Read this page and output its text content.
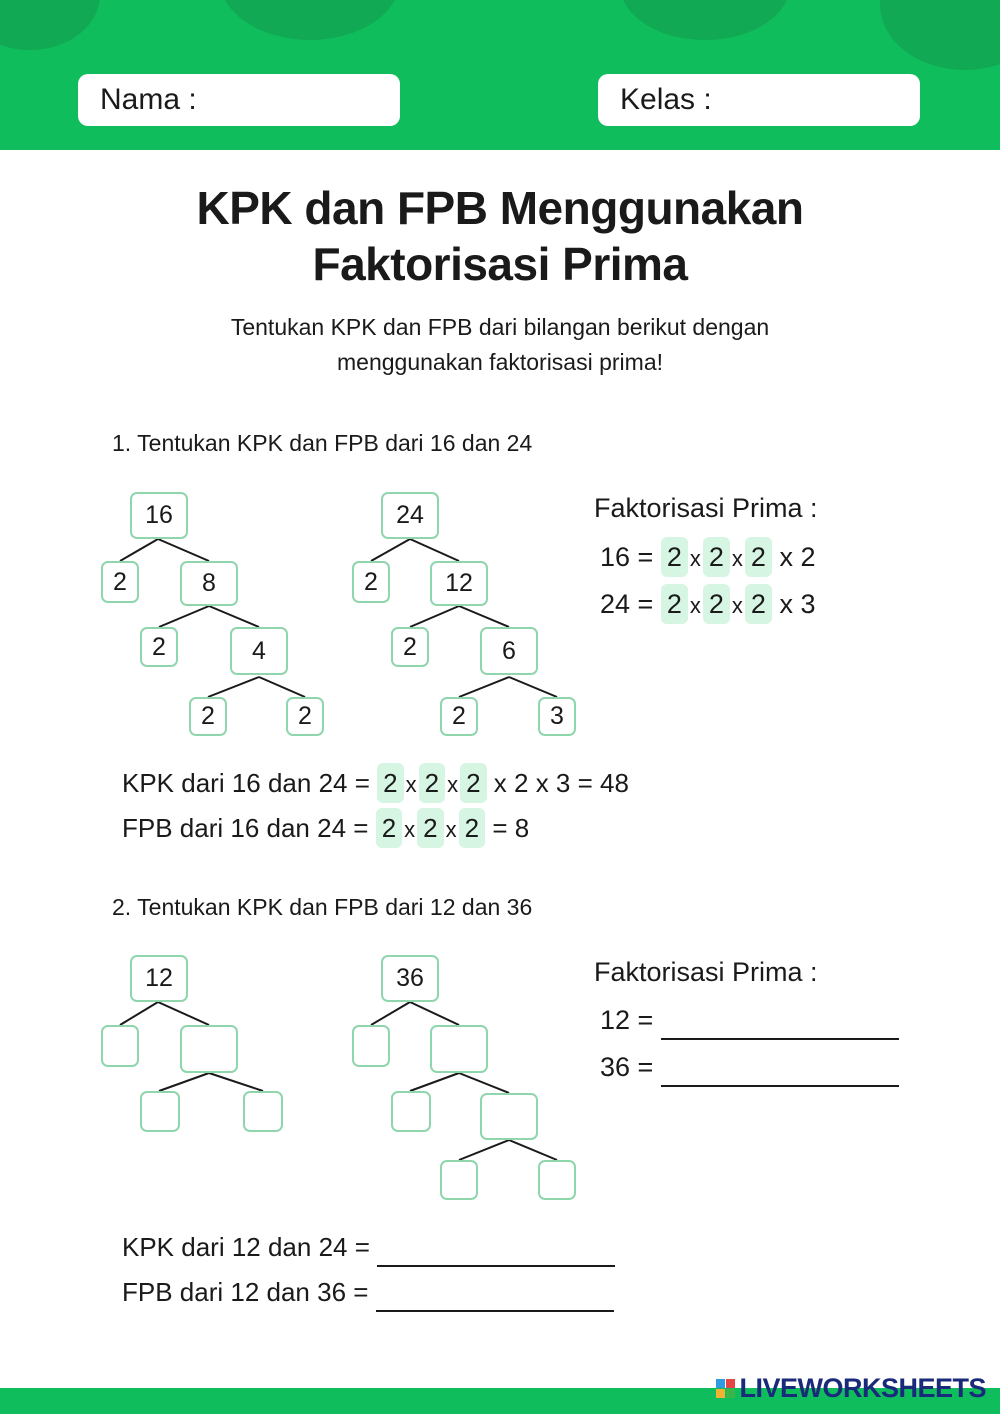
Nama :	Kelas :
KPK dan FPB Menggunakan
Faktorisasi Prima
Tentukan KPK dan FPB dari bilangan berikut dengan
menggunakan faktorisasi prima!
1. Tentukan KPK dan FPB dari 16 dan 24
16
2	8
2	4
2	2
24
2	12
2	6
2	3
Faktorisasi Prima :
16 = 2 x 2 x 2 x 2
24 = 2 x 2 x 2 x 3
KPK dari 16 dan 24 = 2 x 2 x 2 x 2 x 3 = 48
FPB dari 16 dan 24 = 2 x 2 x 2 = 8
2. Tentukan KPK dan FPB dari 12 dan 36
12	36	Faktorisasi Prima :
12 =
36 =
KPK dari 12 dan 24 =
FPB dari 12 dan 36 =
LIVEWORKSHEETS
